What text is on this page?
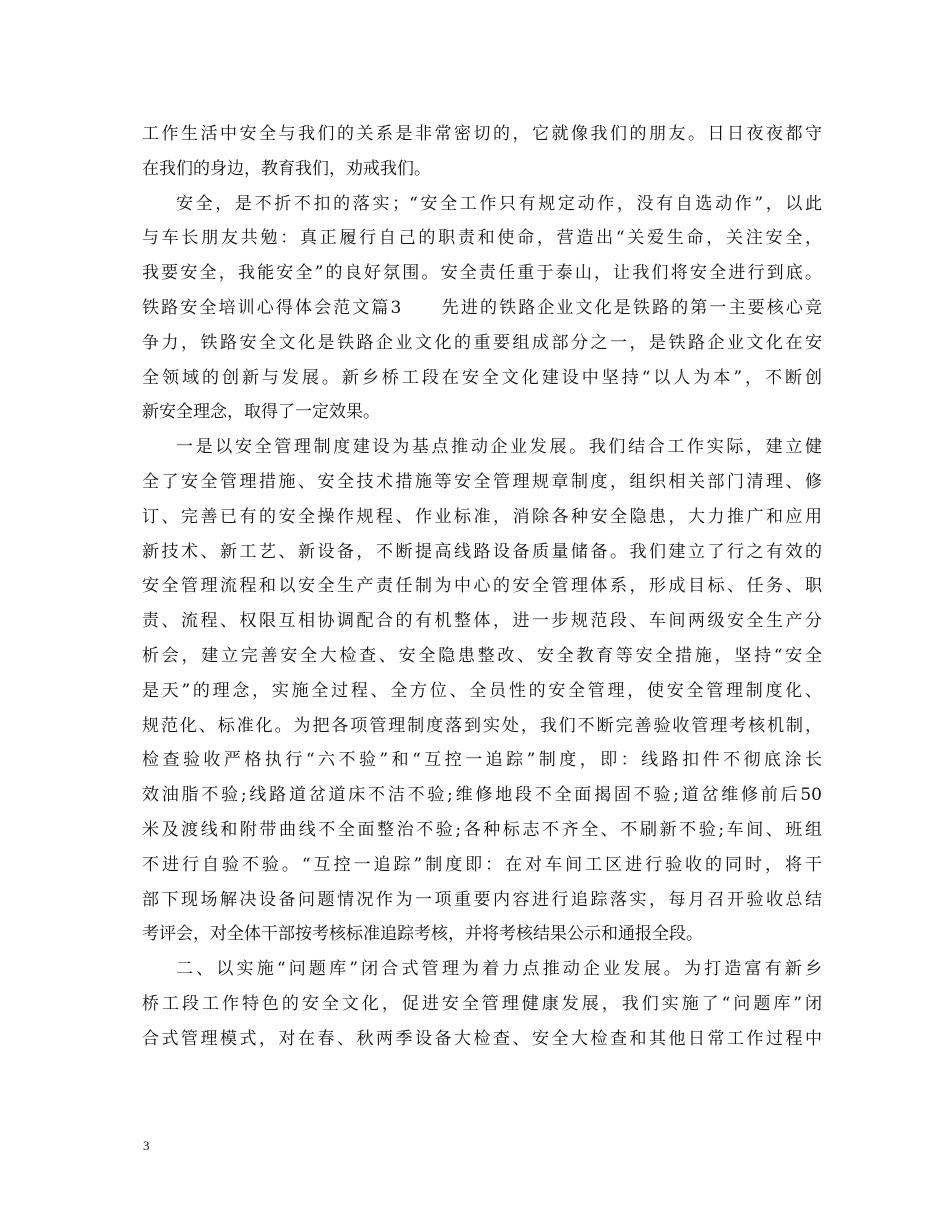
工作生活中安全与我们的关系是非常密切的，它就像我们的朋友。日日夜夜都守
在我们的身边，教育我们，劝戒我们。
安全，是不折不扣的落实；“安全工作只有规定动作，没有自选动作”，以此
与车长朋友共勉：真正履行自己的职责和使命，营造出“关爱生命，关注安全，
我要安全，我能安全”的良好氛围。安全责任重于泰山，让我们将安全进行到底。
铁路安全培训心得体会范文篇3　　先进的铁路企业文化是铁路的第一主要核心竞
争力，铁路安全文化是铁路企业文化的重要组成部分之一，是铁路企业文化在安
全领域的创新与发展。新乡桥工段在安全文化建设中坚持“以人为本”，不断创
新安全理念，取得了一定效果。
一是以安全管理制度建设为基点推动企业发展。我们结合工作实际，建立健
全了安全管理措施、安全技术措施等安全管理规章制度，组织相关部门清理、修
订、完善已有的安全操作规程、作业标准，消除各种安全隐患，大力推广和应用
新技术、新工艺、新设备，不断提高线路设备质量储备。我们建立了行之有效的
安全管理流程和以安全生产责任制为中心的安全管理体系，形成目标、任务、职
责、流程、权限互相协调配合的有机整体，进一步规范段、车间两级安全生产分
析会，建立完善安全大检查、安全隐患整改、安全教育等安全措施，坚持“安全
是天”的理念，实施全过程、全方位、全员性的安全管理，使安全管理制度化、
规范化、标准化。为把各项管理制度落到实处，我们不断完善验收管理考核机制，
检查验收严格执行“六不验”和“互控一追踪”制度，即：线路扣件不彻底涂长
效油脂不验;线路道岔道床不洁不验;维修地段不全面揭固不验;道岔维修前后50
米及渡线和附带曲线不全面整治不验;各种标志不齐全、不刷新不验;车间、班组
不进行自验不验。“互控一追踪”制度即：在对车间工区进行验收的同时，将干
部下现场解决设备问题情况作为一项重要内容进行追踪落实，每月召开验收总结
考评会，对全体干部按考核标准追踪考核，并将考核结果公示和通报全段。
二、以实施“问题库”闭合式管理为着力点推动企业发展。为打造富有新乡
桥工段工作特色的安全文化，促进安全管理健康发展，我们实施了“问题库”闭
合式管理模式，对在春、秋两季设备大检查、安全大检查和其他日常工作过程中
3
